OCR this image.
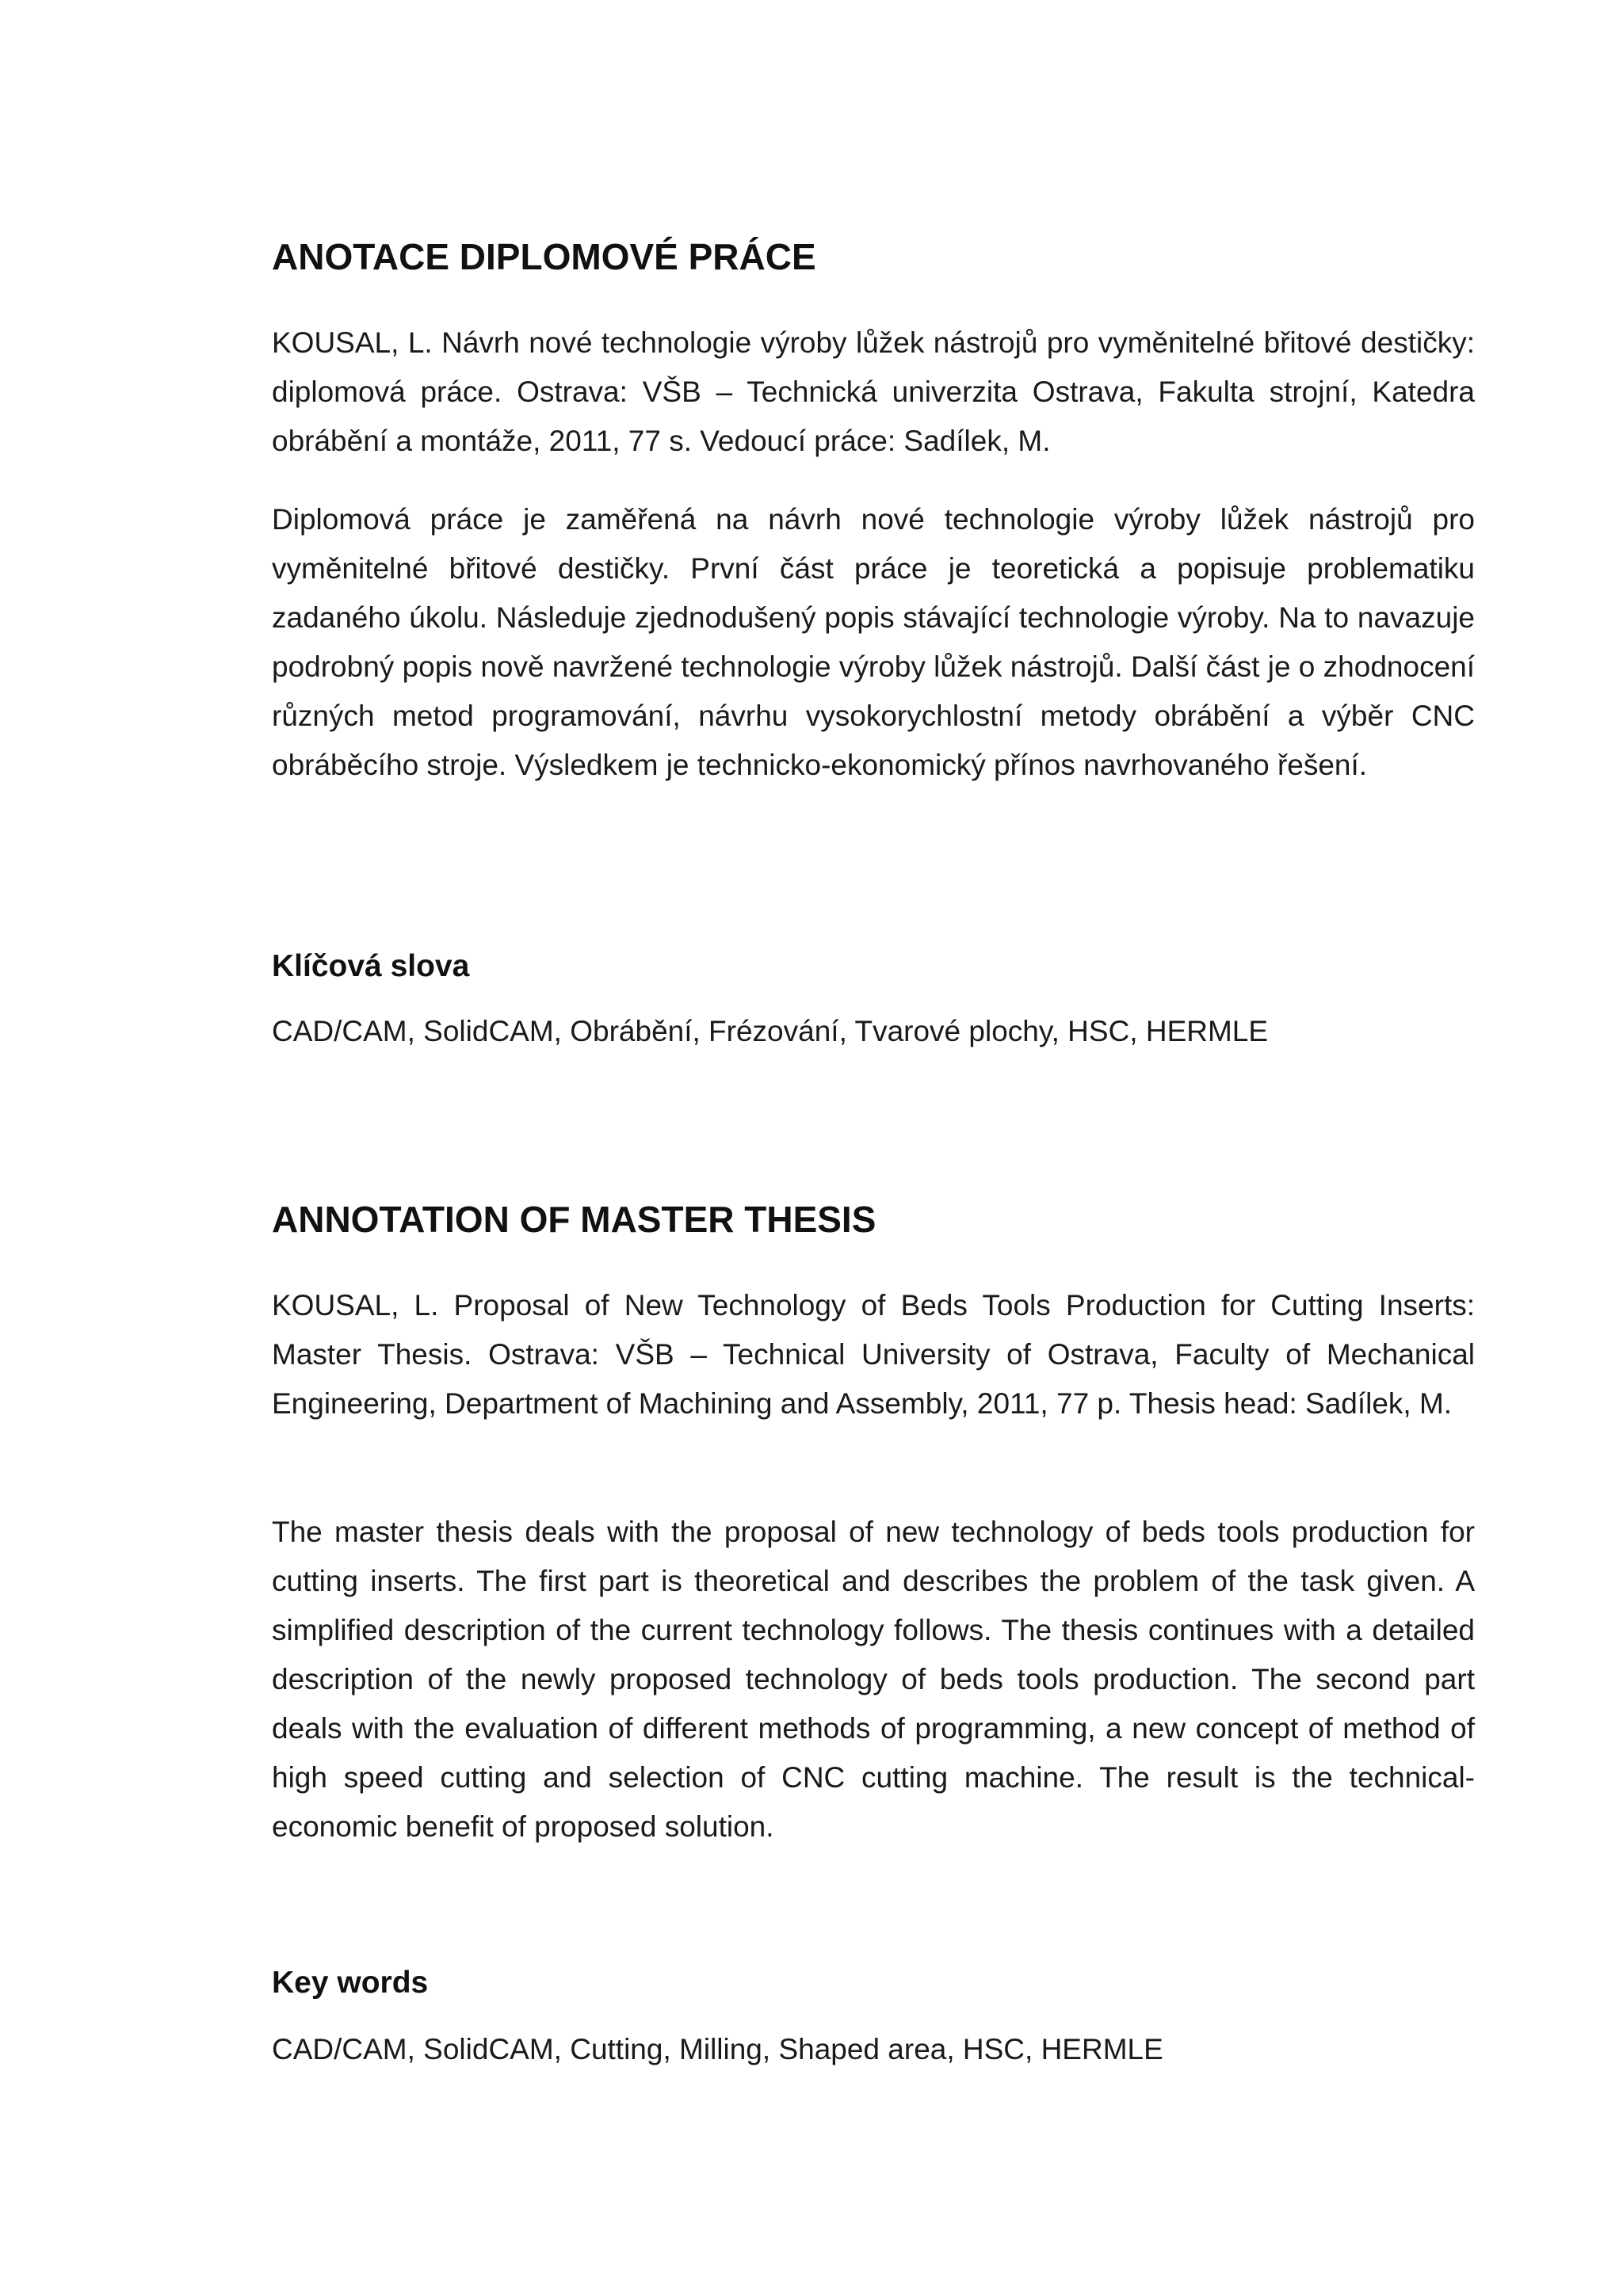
ANOTACE DIPLOMOVÉ PRÁCE

KOUSAL, L. Návrh nové technologie výroby lůžek nástrojů pro vyměnitelné břitové destičky: diplomová práce. Ostrava: VŠB – Technická univerzita Ostrava, Fakulta strojní, Katedra obrábění a montáže, 2011, 77 s. Vedoucí práce: Sadílek, M.

Diplomová práce je zaměřená na návrh nové technologie výroby lůžek nástrojů pro vyměnitelné břitové destičky. První část práce je teoretická a popisuje problematiku zadaného úkolu. Následuje zjednodušený popis stávající technologie výroby. Na to navazuje podrobný popis nově navržené technologie výroby lůžek nástrojů. Další část je o zhodnocení různých metod programování, návrhu vysokorychlostní metody obrábění a výběr CNC obráběcího stroje. Výsledkem je technicko-ekonomický přínos navrhovaného řešení.

Klíčová slova

CAD/CAM, SolidCAM, Obrábění, Frézování, Tvarové plochy, HSC, HERMLE

ANNOTATION OF MASTER THESIS

KOUSAL, L. Proposal of New Technology of Beds Tools Production for Cutting Inserts: Master Thesis. Ostrava: VŠB – Technical University of Ostrava, Faculty of Mechanical Engineering, Department of Machining and Assembly, 2011, 77 p. Thesis head: Sadílek, M.

The master thesis deals with the proposal of new technology of beds tools production for cutting inserts. The first part is theoretical and describes the problem of the task given. A simplified description of the current technology follows. The thesis continues with a detailed description of the newly proposed technology of beds tools production. The second part deals with the evaluation of different methods of programming, a new concept of method of high speed cutting and selection of CNC cutting machine. The result is the technical-economic benefit of proposed solution.

Key words

CAD/CAM, SolidCAM, Cutting, Milling, Shaped area, HSC, HERMLE
